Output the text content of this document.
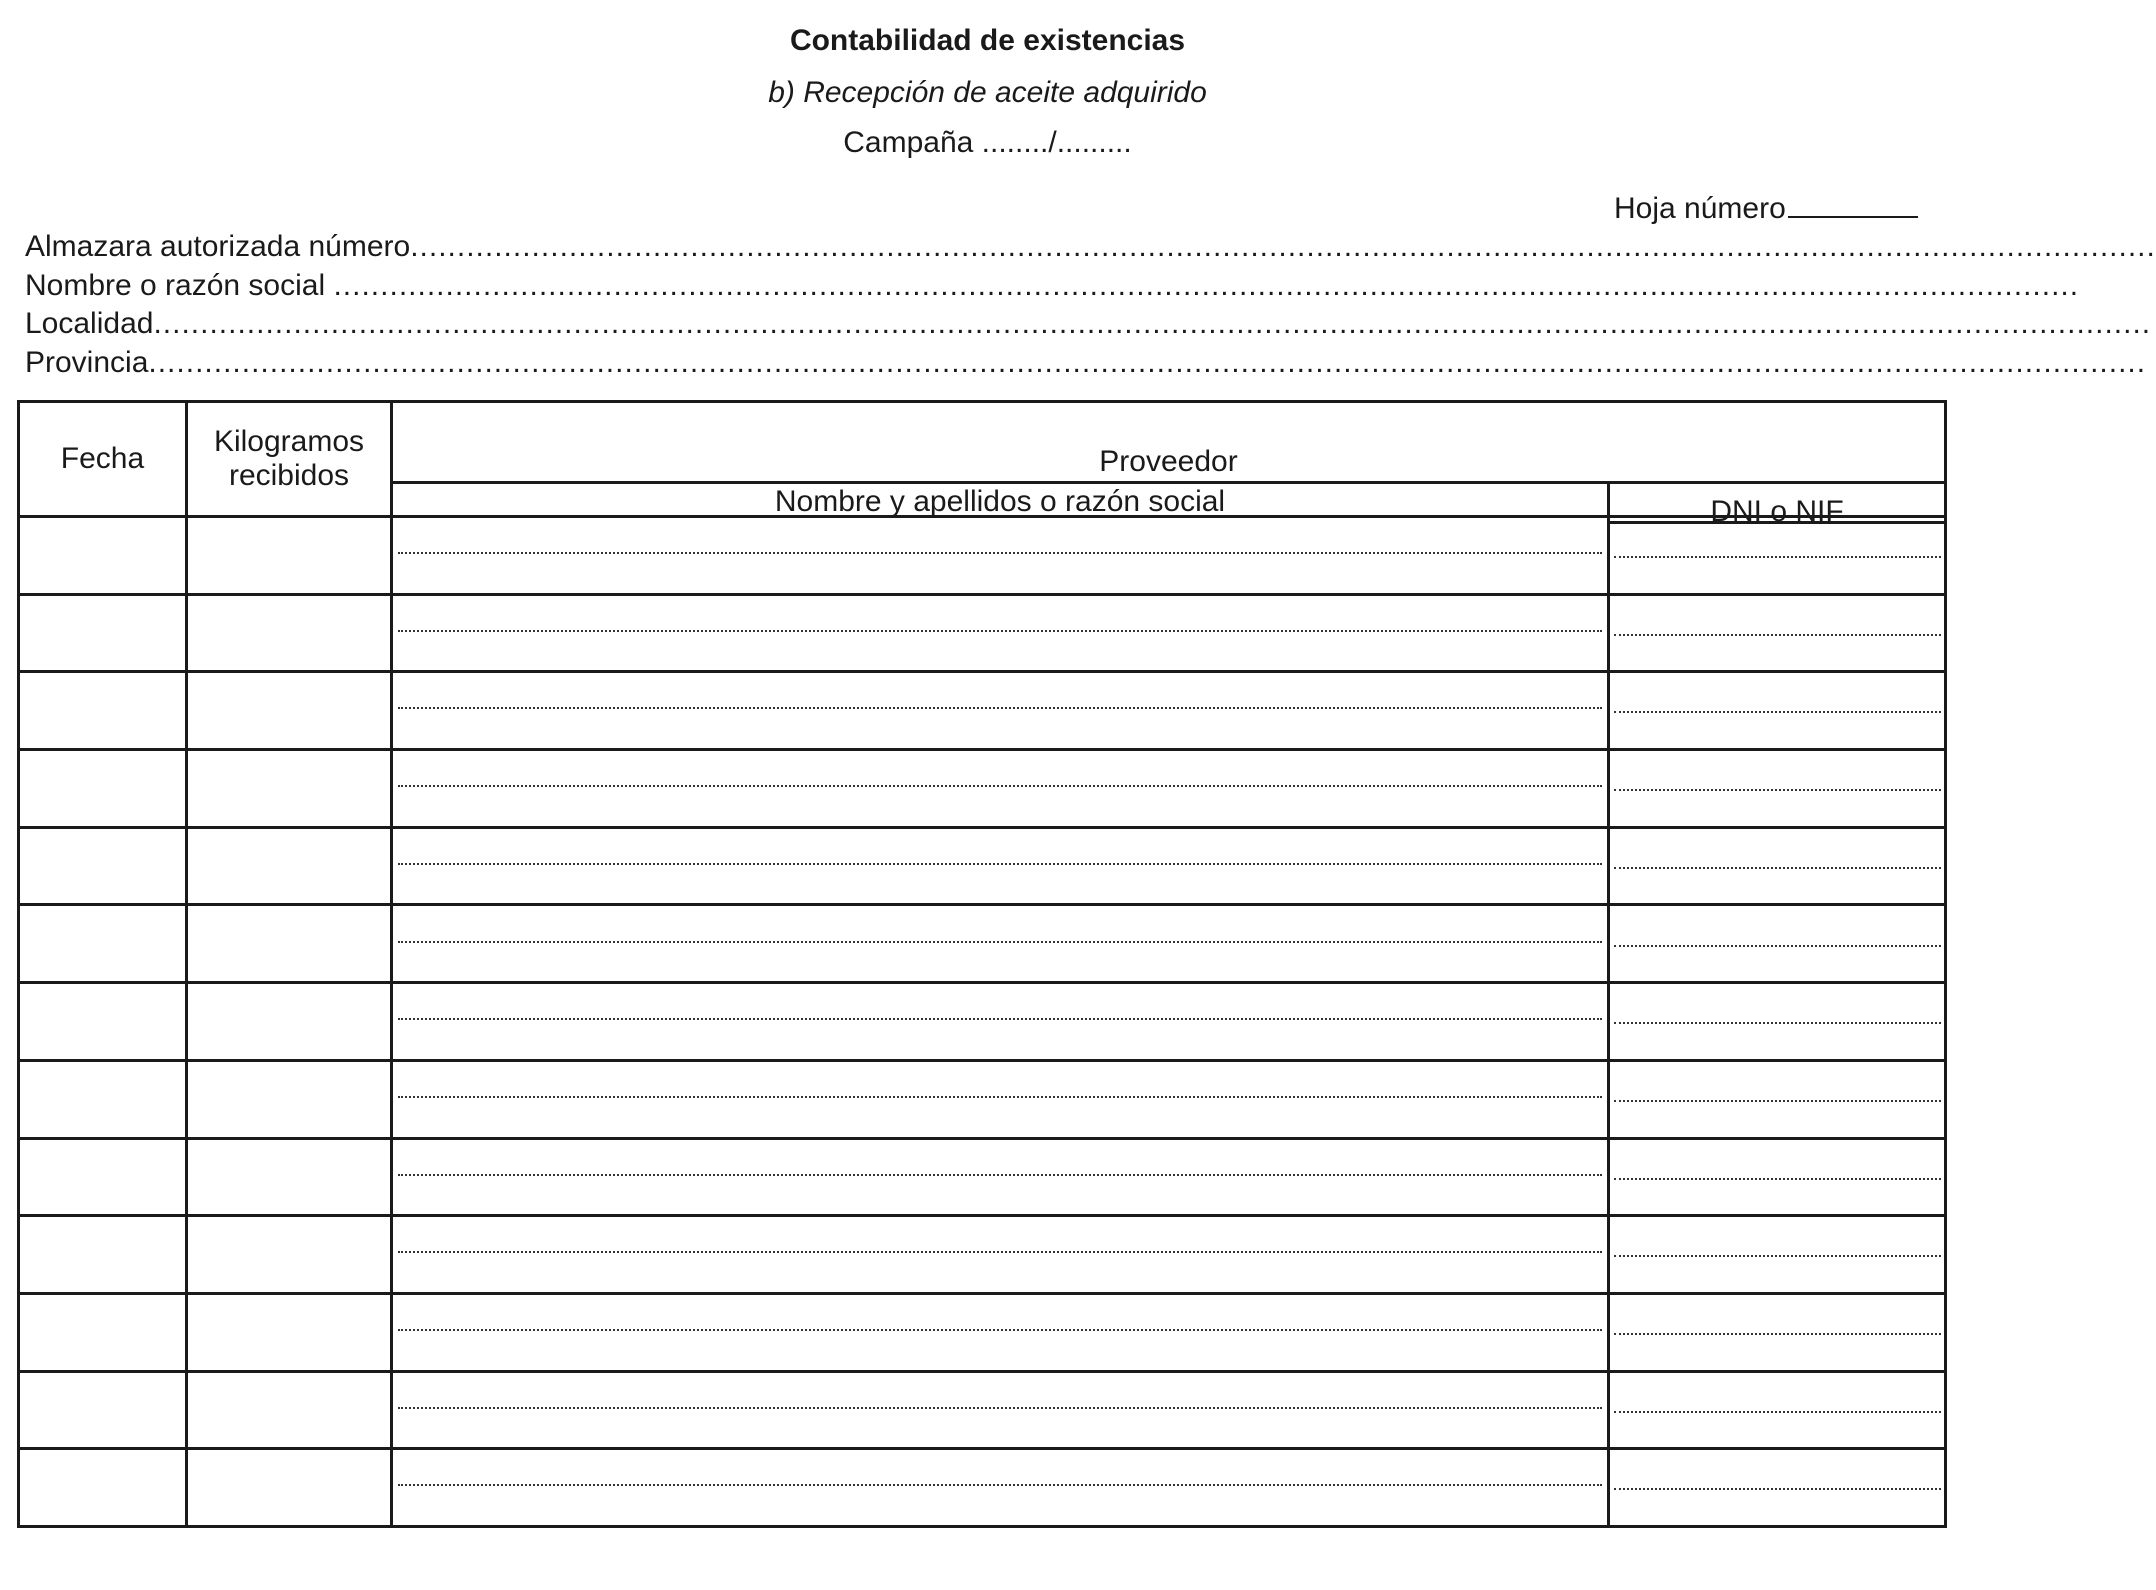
Contabilidad de existencias
b) Recepción de aceite adquirido
Campaña ......../.........
Hoja número
Almazara autorizada número...........................................................................................................................................................................................
Nombre o razón social ...........................................................................................................................................................................................
Localidad......................................................................................................................................................................................................................
Provincia......................................................................................................................................................................................................................
Fecha
Kilogramos recibidos	Proveedor
Nombre y apellidos o razón social	DNI o NIF
